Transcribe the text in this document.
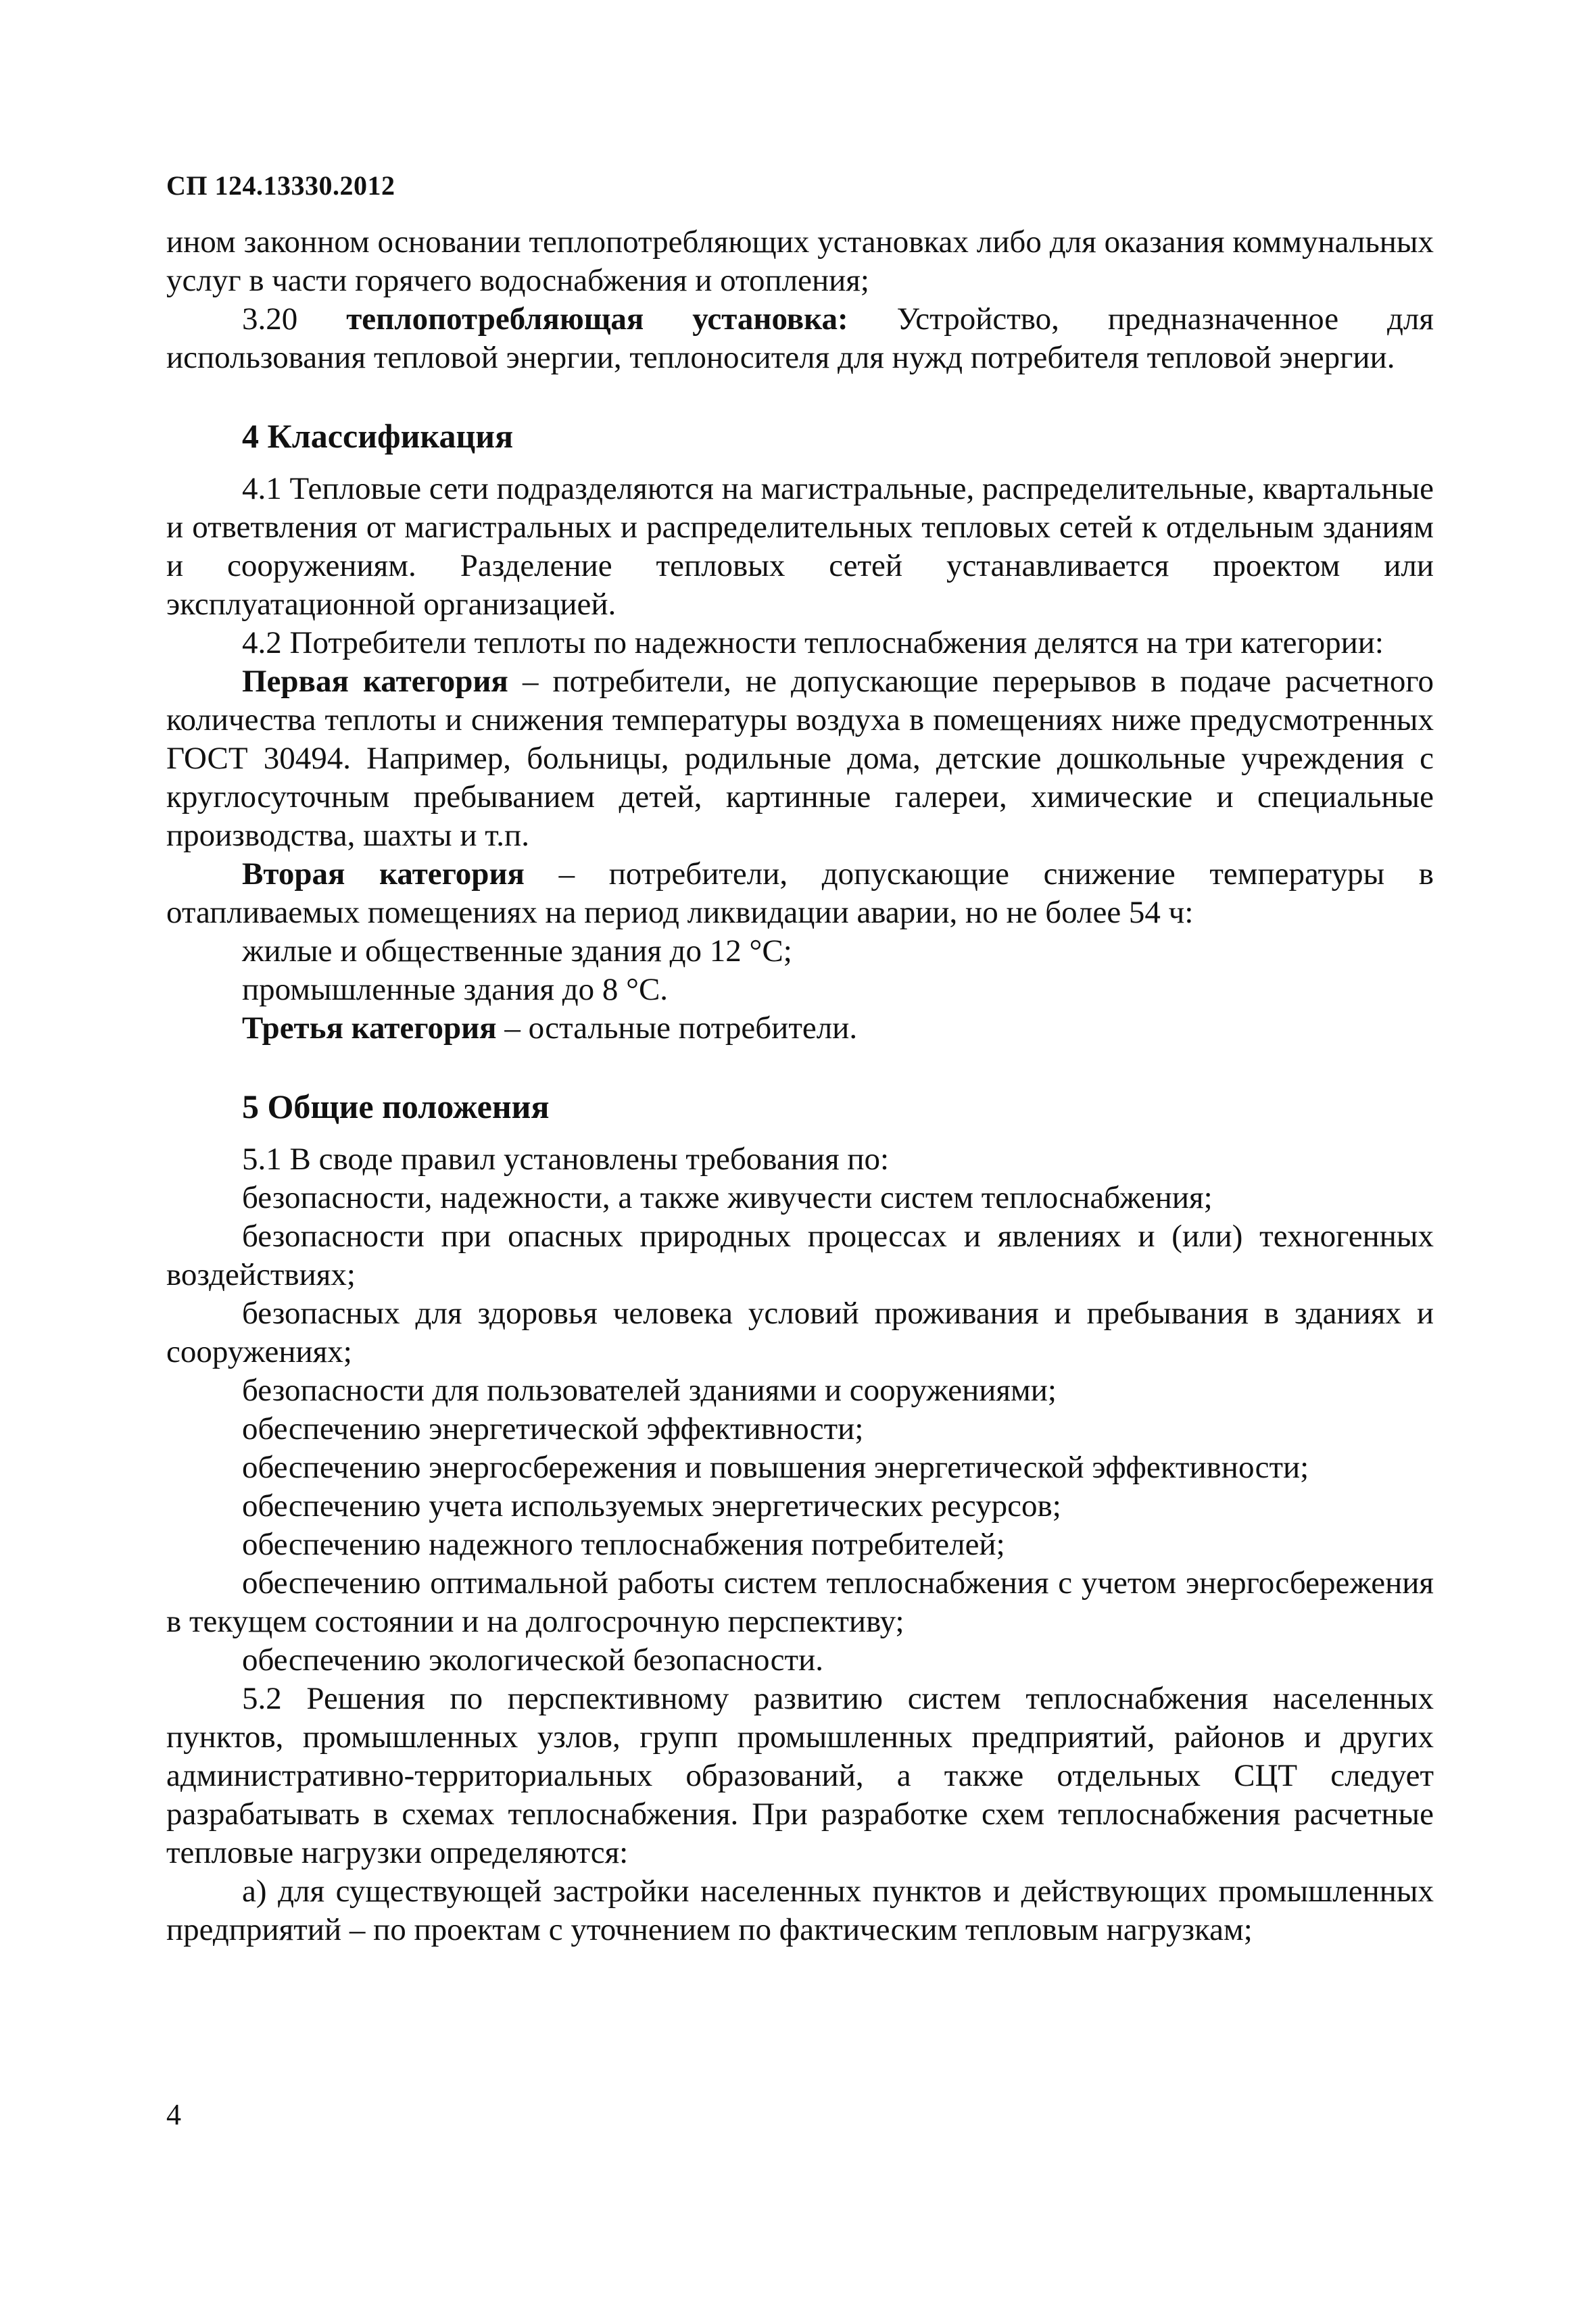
СП 124.13330.2012

ином законном основании теплопотребляющих установках либо для оказания коммунальных услуг в части горячего водоснабжения и отопления;

3.20 теплопотребляющая установка: Устройство, предназначенное для использования тепловой энергии, теплоносителя для нужд потребителя тепловой энергии.

4 Классификация

4.1 Тепловые сети подразделяются на магистральные, распределительные, квартальные и ответвления от магистральных и распределительных тепловых сетей к отдельным зданиям и сооружениям. Разделение тепловых сетей устанавливается проектом или эксплуатационной организацией.

4.2 Потребители теплоты по надежности теплоснабжения делятся на три категории:

Первая категория – потребители, не допускающие перерывов в подаче расчетного количества теплоты и снижения температуры воздуха в помещениях ниже предусмотренных ГОСТ 30494. Например, больницы, родильные дома, детские дошкольные учреждения с круглосуточным пребыванием детей, картинные галереи, химические и специальные производства, шахты и т.п.

Вторая категория – потребители, допускающие снижение температуры в отапливаемых помещениях на период ликвидации аварии, но не более 54 ч:

жилые и общественные здания до 12 °С;

промышленные здания до 8 °С.

Третья категория – остальные потребители.

5 Общие положения

5.1 В своде правил установлены требования по:

безопасности, надежности, а также живучести систем теплоснабжения;

безопасности при опасных природных процессах и явлениях и (или) техногенных воздействиях;

безопасных для здоровья человека условий проживания и пребывания в зданиях и сооружениях;

безопасности для пользователей зданиями и сооружениями;

обеспечению энергетической эффективности;

обеспечению энергосбережения и повышения энергетической эффективности;

обеспечению учета используемых энергетических ресурсов;

обеспечению надежного теплоснабжения потребителей;

обеспечению оптимальной работы систем теплоснабжения с учетом энергосбережения в текущем состоянии и на долгосрочную перспективу;

обеспечению экологической безопасности.

5.2 Решения по перспективному развитию систем теплоснабжения населенных пунктов, промышленных узлов, групп промышленных предприятий, районов и других административно-территориальных образований, а также отдельных СЦТ следует разрабатывать в схемах теплоснабжения. При разработке схем теплоснабжения расчетные тепловые нагрузки определяются:

а) для существующей застройки населенных пунктов и действующих промышленных предприятий – по проектам с уточнением по фактическим тепловым нагрузкам;

4
